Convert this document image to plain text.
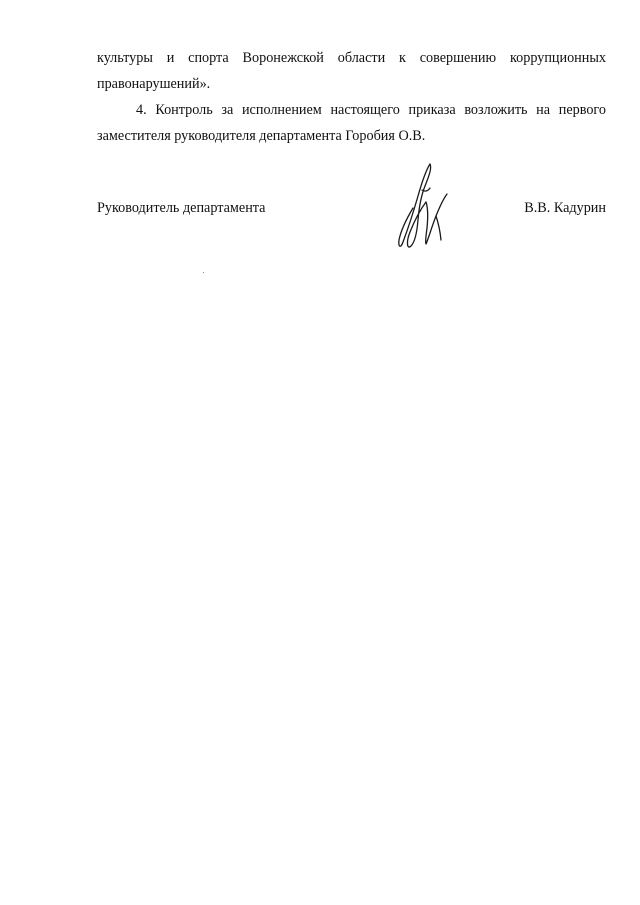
культуры и спорта Воронежской области к совершению коррупционных
правонарушений».

4. Контроль за исполнением настоящего приказа возложить на первого
заместителя руководителя департамента Горобия О.В.

Руководитель департамента	В.В. Кадурин
